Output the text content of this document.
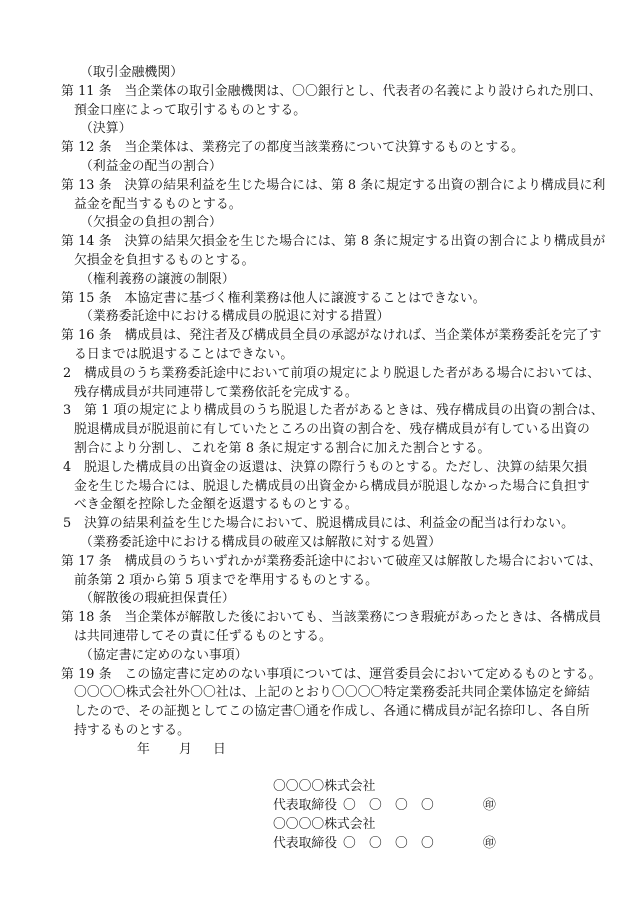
（取引金融機関）
第 11 条　当企業体の取引金融機関は、〇〇銀行とし、代表者の名義により設けられた別口、
預金口座によって取引するものとする。
（決算）
第 12 条　当企業体は、業務完了の都度当該業務について決算するものとする。
（利益金の配当の割合）
第 13 条　決算の結果利益を生じた場合には、第 8 条に規定する出資の割合により構成員に利
益金を配当するものとする。
（欠損金の負担の割合）
第 14 条　決算の結果欠損金を生じた場合には、第 8 条に規定する出資の割合により構成員が
欠損金を負担するものとする。
（権利義務の譲渡の制限）
第 15 条　本協定書に基づく権利業務は他人に譲渡することはできない。
（業務委託途中における構成員の脱退に対する措置）
第 16 条　構成員は、発注者及び構成員全員の承認がなければ、当企業体が業務委託を完了す
る日までは脱退することはできない。
2　構成員のうち業務委託途中において前項の規定により脱退した者がある場合においては、
残存構成員が共同連帯して業務依託を完成する。
3　第 1 項の規定により構成員のうち脱退した者があるときは、残存構成員の出資の割合は、
脱退構成員が脱退前に有していたところの出資の割合を、残存構成員が有している出資の
割合により分割し、これを第 8 条に規定する割合に加えた割合とする。
4　脱退した構成員の出資金の返還は、決算の際行うものとする。ただし、決算の結果欠損
金を生じた場合には、脱退した構成員の出資金から構成員が脱退しなかった場合に負担す
べき金額を控除した金額を返還するものとする。
5　決算の結果利益を生じた場合において、脱退構成員には、利益金の配当は行わない。
（業務委託途中における構成員の破産又は解散に対する処置）
第 17 条　構成員のうちいずれかが業務委託途中において破産又は解散した場合においては、
前条第 2 項から第 5 項までを準用するものとする。
（解散後の瑕疵担保責任）
第 18 条　当企業体が解散した後においても、当該業務につき瑕疵があったときは、各構成員
は共同連帯してその責に任ずるものとする。
（協定書に定めのない事項）
第 19 条　この協定書に定めのない事項については、運営委員会において定めるものとする。
〇〇〇〇株式会社外〇〇社は、上記のとおり〇〇〇〇特定業務委託共同企業体協定を締結
したので、その証拠としてこの協定書〇通を作成し、各通に構成員が記名捺印し、各自所
持するものとする。
年 月 日
〇〇〇〇株式会社
代表取締役 〇 〇 〇 〇	㊞
〇〇〇〇株式会社
代表取締役 〇 〇 〇 〇	㊞
